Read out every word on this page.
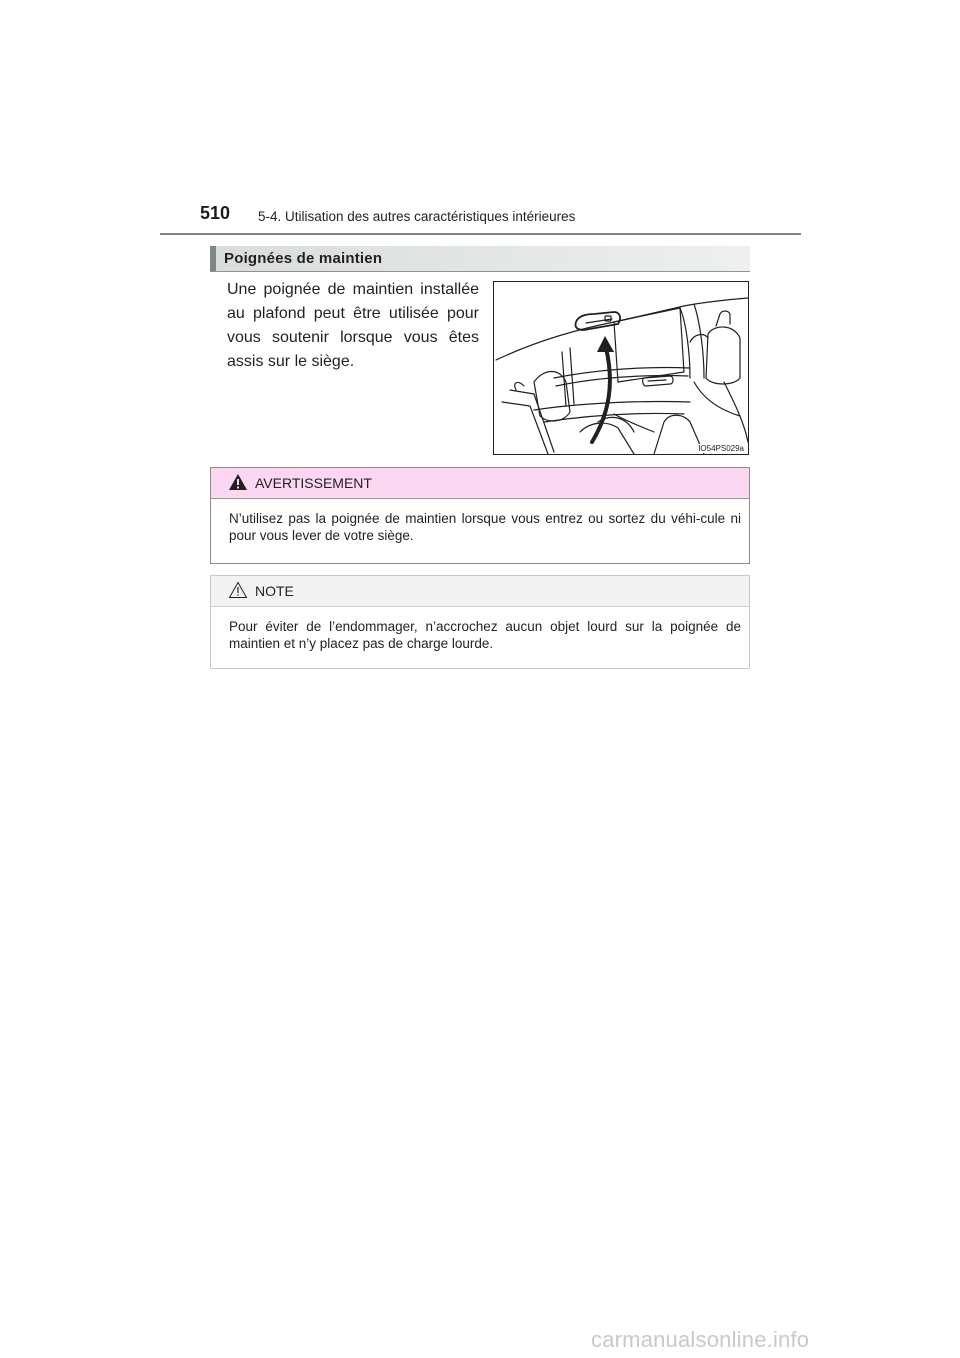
510 5-4. Utilisation des autres caractéristiques intérieures
Poignées de maintien
Une poignée de maintien installée au plafond peut être utilisée pour vous soutenir lorsque vous êtes assis sur le siège.
IO54PS029a
AVERTISSEMENT
N’utilisez pas la poignée de maintien lorsque vous entrez ou sortez du véhi-cule ni pour vous lever de votre siège.
NOTE
Pour éviter de l’endommager, n’accrochez aucun objet lourd sur la poignée de maintien et n’y placez pas de charge lourde.
carmanualsonline.info
